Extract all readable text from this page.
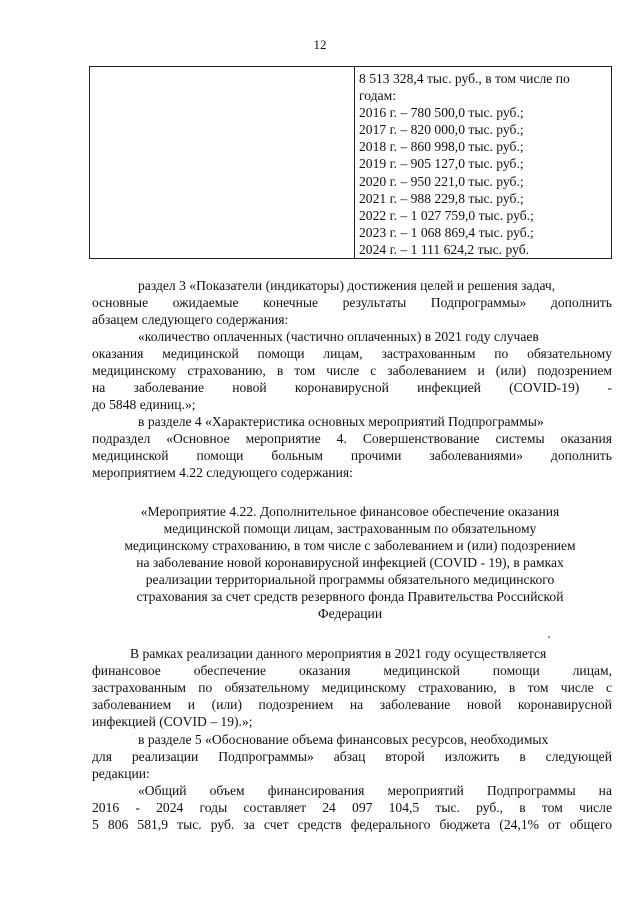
12
8 513 328,4 тыс. руб., в том числе по
годам:
2016 г. – 780 500,0 тыс. руб.;
2017 г. – 820 000,0 тыс. руб.;
2018 г. – 860 998,0 тыс. руб.;
2019 г. – 905 127,0 тыс. руб.;
2020 г. – 950 221,0 тыс. руб.;
2021 г. – 988 229,8 тыс. руб.;
2022 г. – 1 027 759,0 тыс. руб.;
2023 г. – 1 068 869,4 тыс. руб.;
2024 г. – 1 111 624,2 тыс. руб.
раздел 3 «Показатели (индикаторы) достижения целей и решения задач,
основные ожидаемые конечные результаты Подпрограммы» дополнить
абзацем следующего содержания:
«количество оплаченных (частично оплаченных) в 2021 году случаев
оказания медицинской помощи лицам, застрахованным по обязательному
медицинскому страхованию, в том числе с заболеванием и (или) подозрением
на заболевание новой коронавирусной инфекцией (COVID-19) -
до 5848 единиц.»;
в разделе 4 «Характеристика основных мероприятий Подпрограммы»
подраздел «Основное мероприятие 4. Совершенствование системы оказания
медицинской помощи больным прочими заболеваниями» дополнить
мероприятием 4.22 следующего содержания:
«Мероприятие 4.22. Дополнительное финансовое обеспечение оказания
медицинской помощи лицам, застрахованным по обязательному
медицинскому страхованию, в том числе с заболеванием и (или) подозрением
на заболевание новой коронавирусной инфекцией (COVID - 19), в рамках
реализации территориальной программы обязательного медицинского
страхования за счет средств резервного фонда Правительства Российской
Федерации
В рамках реализации данного мероприятия в 2021 году осуществляется
финансовое обеспечение оказания медицинской помощи лицам,
застрахованным по обязательному медицинскому страхованию, в том числе с
заболеванием и (или) подозрением на заболевание новой коронавирусной
инфекцией (COVID – 19).»;
в разделе 5 «Обоснование объема финансовых ресурсов, необходимых
для реализации Подпрограммы» абзац второй изложить в следующей
редакции:
«Общий объем финансирования мероприятий Подпрограммы на
2016 - 2024 годы составляет 24 097 104,5 тыс. руб., в том числе
5 806 581,9 тыс. руб. за счет средств федерального бюджета (24,1% от общего
